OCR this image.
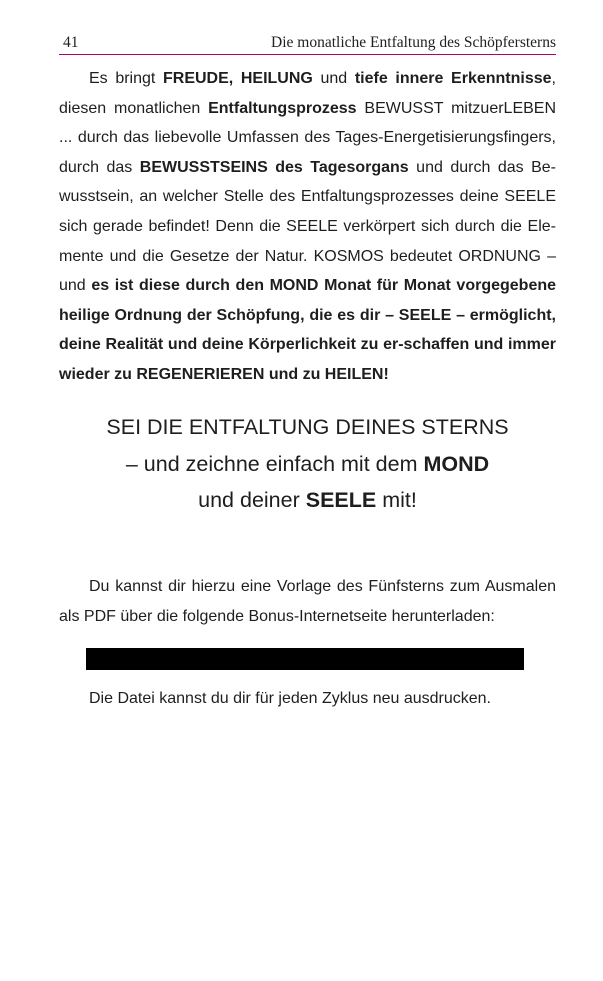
41	Die monatliche Entfaltung des Schöpfersterns

Es bringt FREUDE, HEILUNG und tiefe innere Erkenntnisse, diesen monatlichen Entfaltungsprozess BEWUSST mitzuerLEBEN ... durch das liebevolle Umfassen des Tages-Energetisierungsfingers, durch das BEWUSSTSEINS des Tagesorgans und durch das Bewusstsein, an welcher Stelle des Entfaltungsprozesses deine SEELE sich gerade befindet! Denn die SEELE verkörpert sich durch die Elemente und die Gesetze der Natur. KOSMOS bedeutet ORDNUNG – und es ist diese durch den MOND Monat für Monat vorgegebene heilige Ordnung der Schöpfung, die es dir – SEELE – ermöglicht, deine Realität und deine Körperlichkeit zu er-schaffen und immer wieder zu REGENERIEREN und zu HEILEN!

SEI DIE ENTFALTUNG DEINES STERNS
– und zeichne einfach mit dem MOND
und deiner SEELE mit!

Du kannst dir hierzu eine Vorlage des Fünfsterns zum Ausmalen als PDF über die folgende Bonus-Internetseite herunterladen:

Die Datei kannst du dir für jeden Zyklus neu ausdrucken.
